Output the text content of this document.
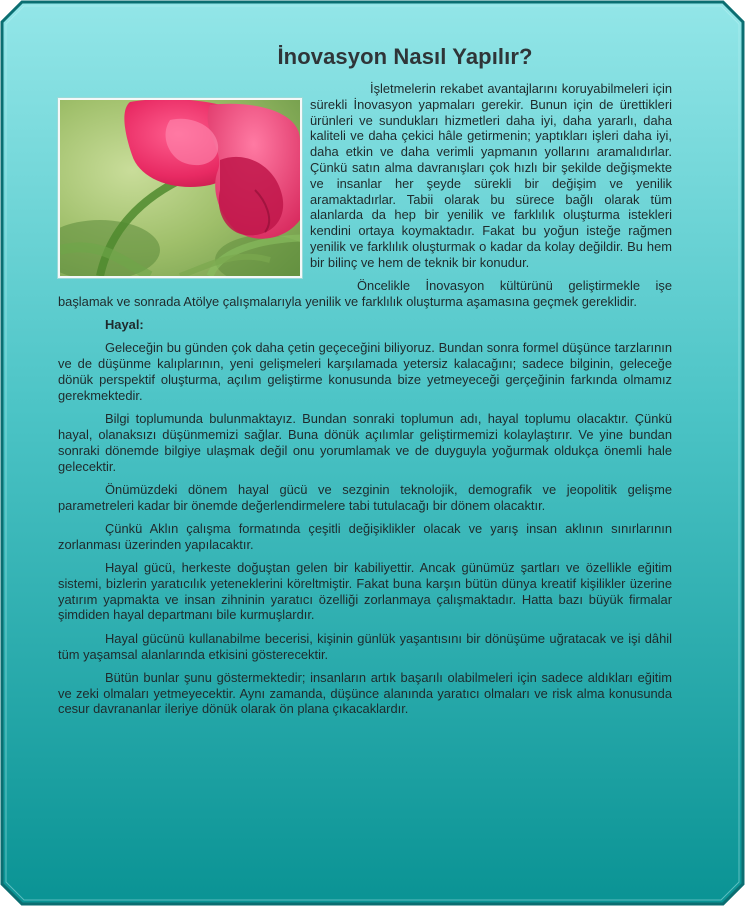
İnovasyon Nasıl Yapılır?

İşletmelerin rekabet avantajlarını koruyabilmeleri için sürekli İnovasyon yapmaları gerekir. Bunun için de ürettikleri ürünleri ve sundukları hizmetleri daha iyi, daha yararlı, daha kaliteli ve daha çekici hâle getirmenin; yaptıkları işleri daha iyi, daha etkin ve daha verimli yapmanın yollarını aramalıdırlar. Çünkü satın alma davranışları çok hızlı bir şekilde değişmekte ve insanlar her şeyde sürekli bir değişim ve yenilik aramaktadırlar. Tabii olarak bu sürece bağlı olarak tüm alanlarda da hep bir yenilik ve farklılık oluşturma istekleri kendini ortaya koymaktadır. Fakat bu yoğun isteğe rağmen yenilik ve farklılık oluşturmak o kadar da kolay değildir. Bu hem bir bilinç ve hem de teknik bir konudur.

Öncelikle İnovasyon kültürünü geliştirmekle işe başlamak ve sonrada Atölye çalışmalarıyla yenilik ve farklılık oluşturma aşamasına geçmek gereklidir.

Hayal:

Geleceğin bu günden çok daha çetin geçeceğini biliyoruz. Bundan sonra formel düşünce tarzlarının ve de düşünme kalıplarının, yeni gelişmeleri karşılamada yetersiz kalacağını; sadece bilginin, geleceğe dönük perspektif oluşturma, açılım geliştirme konusunda bize yetmeyeceği gerçeğinin farkında olmamız gerekmektedir.

Bilgi toplumunda bulunmaktayız. Bundan sonraki toplumun adı, hayal toplumu olacaktır. Çünkü hayal, olanaksızı düşünmemizi sağlar. Buna dönük açılımlar geliştirmemizi kolaylaştırır. Ve yine bundan sonraki dönemde bilgiye ulaşmak değil onu yorumlamak ve de duyguyla yoğurmak oldukça önemli hale gelecektir.

Önümüzdeki dönem hayal gücü ve sezginin teknolojik, demografik ve jeopolitik gelişme parametreleri kadar bir önemde değerlendirmelere tabi tutulacağı bir dönem olacaktır.

Çünkü Aklın çalışma formatında çeşitli değişiklikler olacak ve yarış insan aklının sınırlarının zorlanması üzerinden yapılacaktır.

Hayal gücü, herkeste doğuştan gelen bir kabiliyettir. Ancak günümüz şartları ve özellikle eğitim sistemi, bizlerin yaratıcılık yeteneklerini köreltmiştir. Fakat buna karşın bütün dünya kreatif kişilikler üzerine yatırım yapmakta ve insan zihninin yaratıcı özelliği zorlanmaya çalışmaktadır. Hatta bazı büyük firmalar şimdiden hayal departmanı bile kurmuşlardır.

Hayal gücünü kullanabilme becerisi, kişinin günlük yaşantısını bir dönüşüme uğratacak ve işi dâhil tüm yaşamsal alanlarında etkisini gösterecektir.

Bütün bunlar şunu göstermektedir; insanların artık başarılı olabilmeleri için sadece aldıkları eğitim ve zeki olmaları yetmeyecektir. Aynı zamanda, düşünce alanında yaratıcı olmaları ve risk alma konusunda cesur davrananlar ileriye dönük olarak ön plana çıkacaklardır.
